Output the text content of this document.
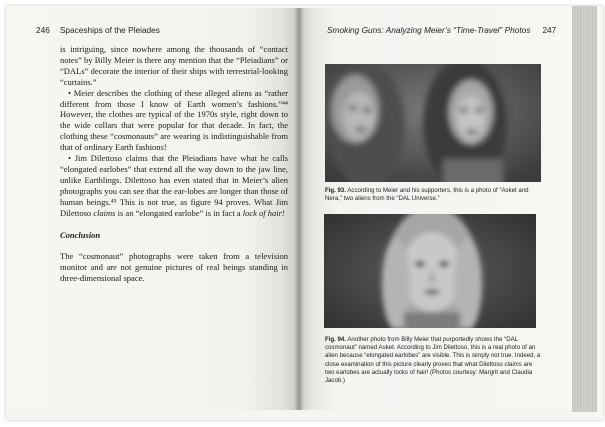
246 Spaceships of the Pleiades	Smoking Guns: Analyzing Meier’s “Time-Travel” Photos 247

is intriguing, since nowhere among the thousands of “contact notes” by Billy Meier is there any mention that the “Pleiadians” or “DALs” decorate the interior of their ships with terrestrial-looking “curtains.”

• Meier describes the clothing of these alleged aliens as “rather different from those I know of Earth women’s fashions.”⁴⁴ However, the clothes are typical of the 1970s style, right down to the wide collars that were popular for that decade. In fact, the clothing these “cosmonauts” are wearing is indistinguishable from that of ordinary Earth fashions!

• Jim Dilettoso claims that the Pleiadians have what he calls “elongated earlobes” that extend all the way down to the jaw line, unlike Earthlings. Dilettoso has even stated that in Meier’s alien photographs you can see that the ear-lobes are longer than those of human beings.⁴⁵ This is not true, as figure 94 proves. What Jim Dilettoso claims is an “elongated earlobe” is in fact a lock of hair!

Conclusion

The “cosmonaut” photographs were taken from a television monitor and are not genuine pictures of real beings standing in three-dimensional space.

Fig. 93. According to Meier and his supporters, this is a photo of “Asket and Nera,” two aliens from the “DAL Universe.”
Fig. 94. Another photo from Billy Meier that purportedly shows the “DAL cosmonaut” named Asket. According to Jim Dilettoso, this is a real photo of an alien because “elongated earlobes” are visible. This is simply not true. Indeed, a close examination of this picture clearly proves that what Dilettoso claims are two earlobes are actually locks of hair! (Photos courtesy: Margrit and Claudia Jacob.)
